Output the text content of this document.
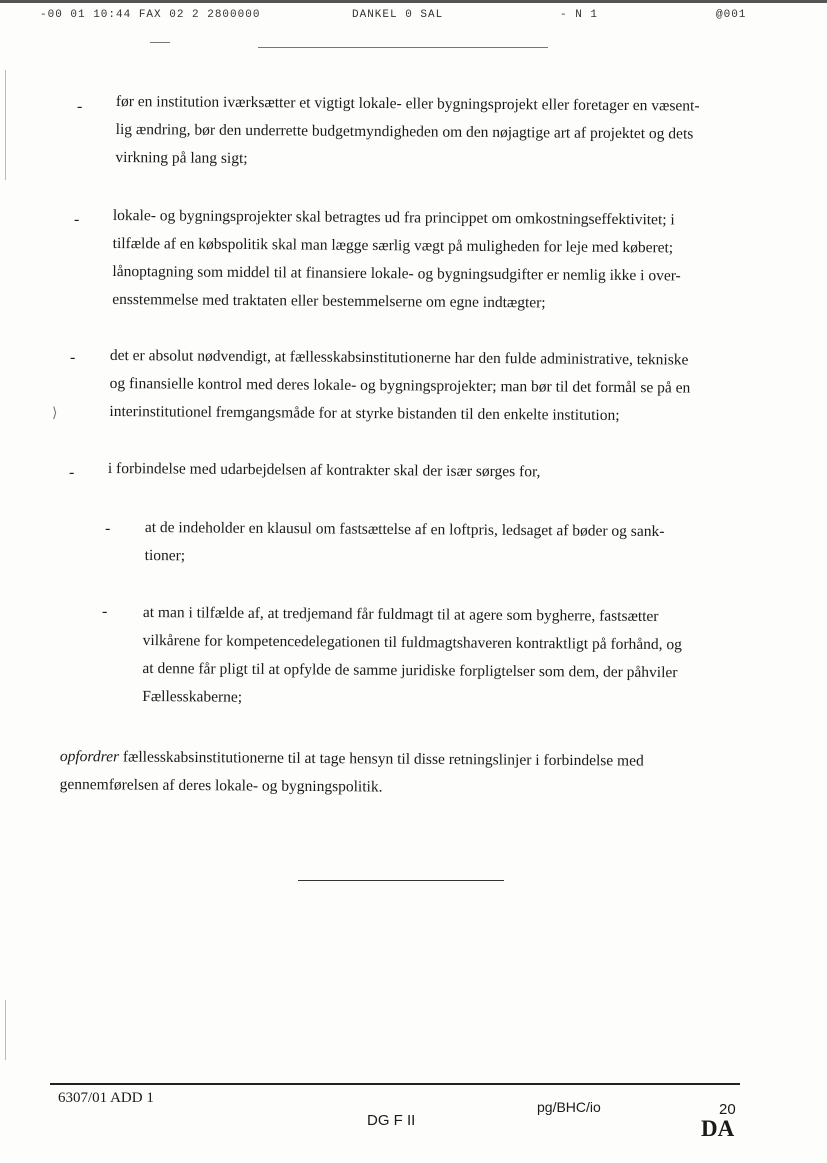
-00 01 10:44 FAX 02 2 2800000	DANKEL 0 SAL	- N 1	@001
⟩
- før en institution iværksætter et vigtigt lokale- eller bygningsprojekt eller foretager en væsent-
lig ændring, bør den underrette budgetmyndigheden om den nøjagtige art af projektet og dets
virkning på lang sigt;
- lokale- og bygningsprojekter skal betragtes ud fra princippet om omkostningseffektivitet; i
tilfælde af en købspolitik skal man lægge særlig vægt på muligheden for leje med køberet;
lånoptagning som middel til at finansiere lokale- og bygningsudgifter er nemlig ikke i over-
ensstemmelse med traktaten eller bestemmelserne om egne indtægter;
- det er absolut nødvendigt, at fællesskabsinstitutionerne har den fulde administrative, tekniske
og finansielle kontrol med deres lokale- og bygningsprojekter; man bør til det formål se på en
interinstitutionel fremgangsmåde for at styrke bistanden til den enkelte institution;
- i forbindelse med udarbejdelsen af kontrakter skal der især sørges for,
- at de indeholder en klausul om fastsættelse af en loftpris, ledsaget af bøder og sank-
tioner;
- at man i tilfælde af, at tredjemand får fuldmagt til at agere som bygherre, fastsætter
vilkårene for kompetencedelegationen til fuldmagtshaveren kontraktligt på forhånd, og
at denne får pligt til at opfylde de samme juridiske forpligtelser som dem, der påhviler
Fællesskaberne;
opfordrer fællesskabsinstitutionerne til at tage hensyn til disse retningslinjer i forbindelse med
gennemførelsen af deres lokale- og bygningspolitik.
6307/01 ADD 1
DG F II
pg/BHC/io	20
DA
